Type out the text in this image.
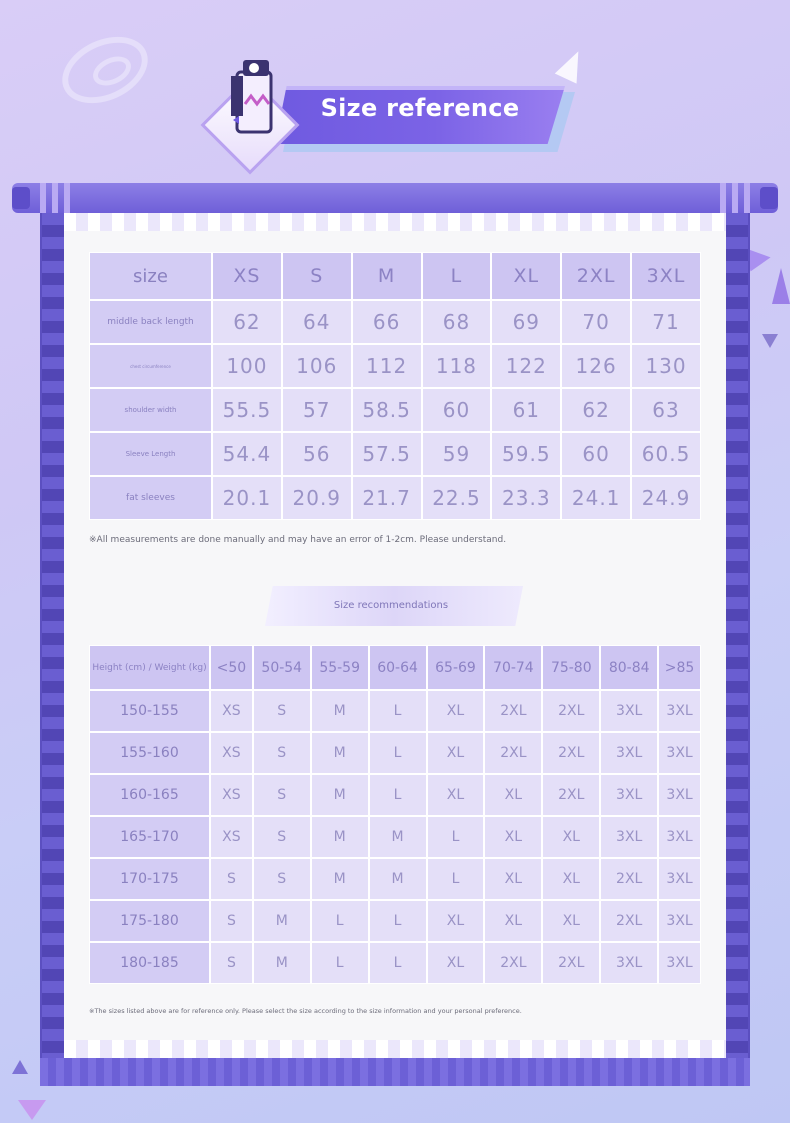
Size reference
size	XS	S	M	L	XL	2XL	3XL
middle back length	62	64	66	68	69	70	71
chest circumference	100	106	112	118	122	126	130
shoulder width	55.5	57	58.5	60	61	62	63
Sleeve Length	54.4	56	57.5	59	59.5	60	60.5
fat sleeves	20.1	20.9	21.7	22.5	23.3	24.1	24.9
※All measurements are done manually and may have an error of 1-2cm. Please understand.
Size recommendations
Height (cm) / Weight (kg)	<50	50-54	55-59	60-64	65-69	70-74	75-80	80-84	>85
150-155	XS	S	M	L	XL	2XL	2XL	3XL	3XL
155-160	XS	S	M	L	XL	2XL	2XL	3XL	3XL
160-165	XS	S	M	L	XL	XL	2XL	3XL	3XL
165-170	XS	S	M	M	L	XL	XL	3XL	3XL
170-175	S	S	M	M	L	XL	XL	2XL	3XL
175-180	S	M	L	L	XL	XL	XL	2XL	3XL
180-185	S	M	L	L	XL	2XL	2XL	3XL	3XL
※The sizes listed above are for reference only. Please select the size according to the size information and your personal preference.
